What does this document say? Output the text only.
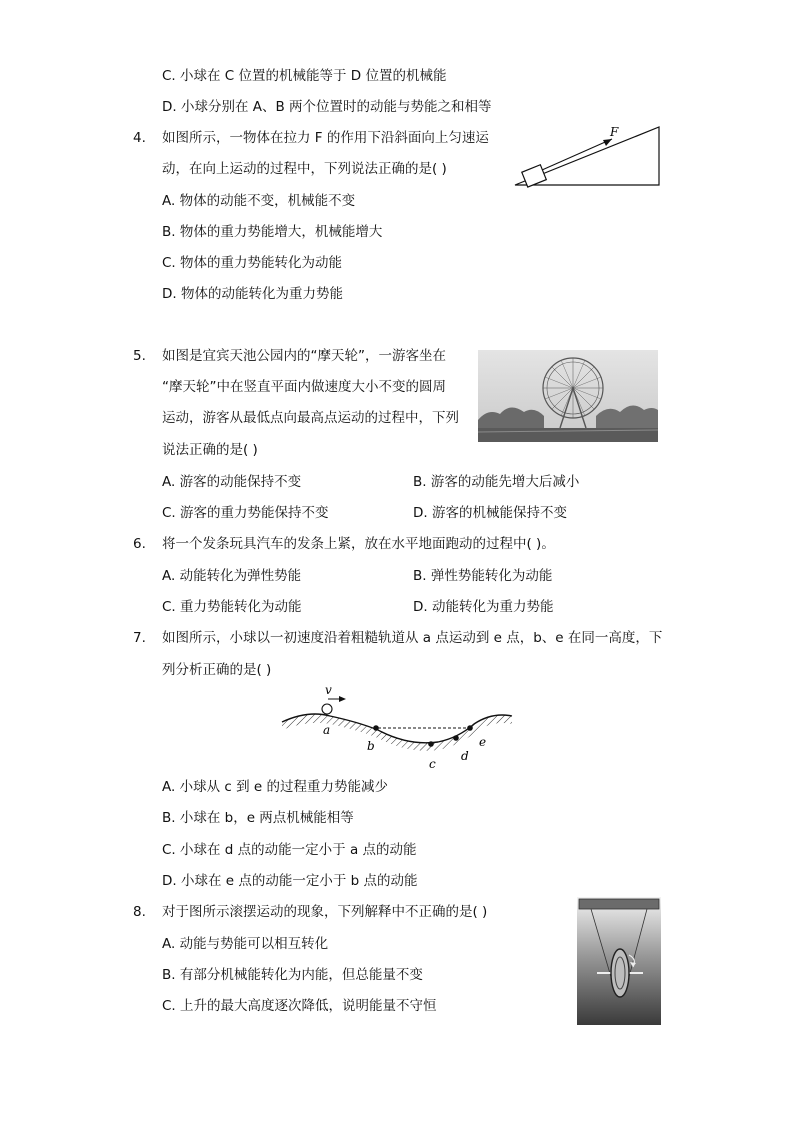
C. 小球在 C 位置的机械能等于 D 位置的机械能
D. 小球分别在 A、B 两个位置时的动能与势能之和相等
4.	如图所示，一物体在拉力 F 的作用下沿斜面向上匀速运
动，在向上运动的过程中，下列说法正确的是( )
A. 物体的动能不变，机械能不变
B. 物体的重力势能增大，机械能增大
C. 物体的重力势能转化为动能
D. 物体的动能转化为重力势能
F
5.	如图是宜宾天池公园内的“摩天轮”，一游客坐在
“摩天轮”中在竖直平面内做速度大小不变的圆周
运动，游客从最低点向最高点运动的过程中，下列
说法正确的是( )
A. 游客的动能保持不变	B. 游客的动能先增大后减小
C. 游客的重力势能保持不变	D. 游客的机械能保持不变
6.	将一个发条玩具汽车的发条上紧，放在水平地面跑动的过程中( )。
A. 动能转化为弹性势能	B. 弹性势能转化为动能
C. 重力势能转化为动能	D. 动能转化为重力势能
7.	如图所示，小球以一初速度沿着粗糙轨道从 a 点运动到 e 点，b、e 在同一高度，下
列分析正确的是( )
v
a
b
c
d
e
A. 小球从 c 到 e 的过程重力势能减少
B. 小球在 b，e 两点机械能相等
C. 小球在 d 点的动能一定小于 a 点的动能
D. 小球在 e 点的动能一定小于 b 点的动能
8.	对于图所示滚摆运动的现象，下列解释中不正确的是( )
A. 动能与势能可以相互转化
B. 有部分机械能转化为内能，但总能量不变
C. 上升的最大高度逐次降低，说明能量不守恒
